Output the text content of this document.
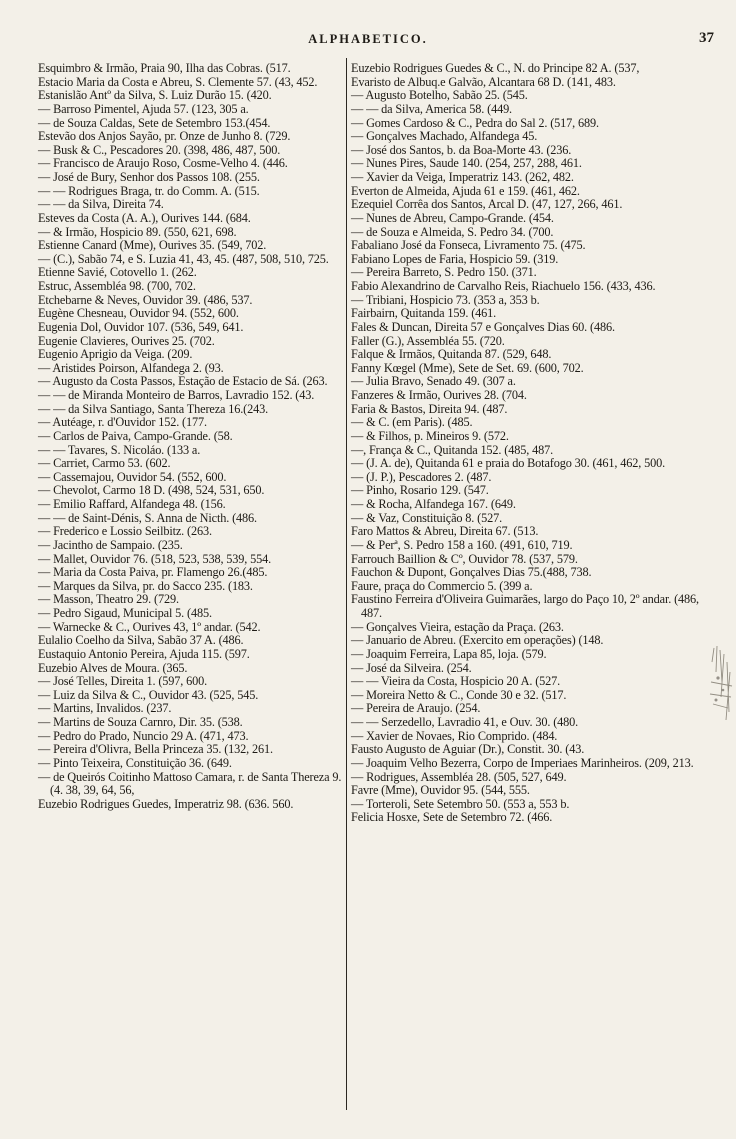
ALPHABETICO.	37

Esquimbro & Irmão, Praia 90, Ilha das Cobras. (517.

Estacio Maria da Costa e Abreu, S. Clemente 57. (43, 452.

Estanislão Antº da Silva, S. Luiz Durão 15. (420.

— Barroso Pimentel, Ajuda 57. (123, 305 a.

— de Souza Caldas, Sete de Setembro 153.(454.

Estevão dos Anjos Sayão, pr. Onze de Junho 8. (729.

— Busk & C., Pescadores 20. (398, 486, 487, 500.

— Francisco de Araujo Roso, Cosme-Velho 4. (446.

— José de Bury, Senhor dos Passos 108. (255.

— — Rodrigues Braga, tr. do Comm. A. (515.

— — da Silva, Direita 74.

Esteves da Costa (A. A.), Ourives 144. (684.

— & Irmão, Hospicio 89. (550, 621, 698.

Estienne Canard (Mme), Ourives 35. (549, 702.

— (C.), Sabão 74, e S. Luzia 41, 43, 45. (487, 508, 510, 725.

Etienne Savié, Cotovello 1. (262.

Estruc, Assembléa 98. (700, 702.

Etchebarne & Neves, Ouvidor 39. (486, 537.

Eugène Chesneau, Ouvidor 94. (552, 600.

Eugenia Dol, Ouvidor 107. (536, 549, 641.

Eugenie Clavieres, Ourives 25. (702.

Eugenio Aprigio da Veiga. (209.

— Aristides Poirson, Alfandega 2. (93.

— Augusto da Costa Passos, Estação de Estacio de Sá. (263.

— — de Miranda Monteiro de Barros, Lavradio 152. (43.

— — da Silva Santiago, Santa Thereza 16.(243.

— Autéage, r. d'Ouvidor 152. (177.

— Carlos de Paiva, Campo-Grande. (58.

— — Tavares, S. Nicoláo. (133 a.

— Carriet, Carmo 53. (602.

— Cassemajou, Ouvidor 54. (552, 600.

— Chevolot, Carmo 18 D. (498, 524, 531, 650.

— Emilio Raffard, Alfandega 48. (156.

— — de Saint-Dénis, S. Anna de Nicth. (486.

— Frederico e Lossio Seilbitz. (263.

— Jacintho de Sampaio. (235.

— Mallet, Ouvidor 76. (518, 523, 538, 539, 554.

— Maria da Costa Paiva, pr. Flamengo 26.(485.

— Marques da Silva, pr. do Sacco 235. (183.

— Masson, Theatro 29. (729.

— Pedro Sigaud, Municipal 5. (485.

— Warnecke & C., Ourives 43, 1º andar. (542.

Eulalio Coelho da Silva, Sabão 37 A. (486.

Eustaquio Antonio Pereira, Ajuda 115. (597.

Euzebio Alves de Moura. (365.

— José Telles, Direita 1. (597, 600.

— Luiz da Silva & C., Ouvidor 43. (525, 545.

— Martins, Invalidos. (237.

— Martins de Souza Carnro, Dir. 35. (538.

— Pedro do Prado, Nuncio 29 A. (471, 473.

— Pereira d'Olivra, Bella Princeza 35. (132, 261.

— Pinto Teixeira, Constituição 36. (649.

— de Queirós Coitinho Mattoso Camara, r. de Santa Thereza 9. (4. 38, 39, 64, 56,

Euzebio Rodrigues Guedes, Imperatriz 98. (636. 560.

Euzebio Rodrigues Guedes & C., N. do Principe 82 A. (537,

Evaristo de Albuq.e Galvão, Alcantara 68 D. (141, 483.

— Augusto Botelho, Sabão 25. (545.

— — da Silva, America 58. (449.

— Gomes Cardoso & C., Pedra do Sal 2. (517, 689.

— Gonçalves Machado, Alfandega 45.

— José dos Santos, b. da Boa-Morte 43. (236.

— Nunes Pires, Saude 140. (254, 257, 288, 461.

— Xavier da Veiga, Imperatriz 143. (262, 482.

Everton de Almeida, Ajuda 61 e 159. (461, 462.

Ezequiel Corrêa dos Santos, Arcal D. (47, 127, 266, 461.

— Nunes de Abreu, Campo-Grande. (454.

— de Souza e Almeida, S. Pedro 34. (700.

Fabaliano José da Fonseca, Livramento 75. (475.

Fabiano Lopes de Faria, Hospicio 59. (319.

— Pereira Barreto, S. Pedro 150. (371.

Fabio Alexandrino de Carvalho Reis, Riachuelo 156. (433, 436.

— Tribiani, Hospicio 73. (353 a, 353 b.

Fairbairn, Quitanda 159. (461.

Fales & Duncan, Direita 57 e Gonçalves Dias 60. (486.

Faller (G.), Assembléa 55. (720.

Falque & Irmãos, Quitanda 87. (529, 648.

Fanny Kœgel (Mme), Sete de Set. 69. (600, 702.

— Julia Bravo, Senado 49. (307 a.

Fanzeres & Irmão, Ourives 28. (704.

Faria & Bastos, Direita 94. (487.

— & C. (em Paris). (485.

— & Filhos, p. Mineiros 9. (572.

—, França & C., Quitanda 152. (485, 487.

— (J. A. de), Quitanda 61 e praia do Botafogo 30. (461, 462, 500.

— (J. P.), Pescadores 2. (487.

— Pinho, Rosario 129. (547.

— & Rocha, Alfandega 167. (649.

— & Vaz, Constituição 8. (527.

Faro Mattos & Abreu, Direita 67. (513.

— & Perª, S. Pedro 158 a 160. (491, 610, 719.

Farrouch Baillion & Cº, Ouvidor 78. (537, 579.

Fauchon & Dupont, Gonçalves Dias 75.(488, 738.

Faure, praça do Commercio 5. (399 a.

Faustino Ferreira d'Oliveira Guimarães, largo do Paço 10, 2º andar. (486, 487.

— Gonçalves Vieira, estação da Praça. (263.

— Januario de Abreu. (Exercito em operações) (148.

— Joaquim Ferreira, Lapa 85, loja. (579.

— José da Silveira. (254.

— — Vieira da Costa, Hospicio 20 A. (527.

— Moreira Netto & C., Conde 30 e 32. (517.

— Pereira de Araujo. (254.

— — Serzedello, Lavradio 41, e Ouv. 30. (480.

— Xavier de Novaes, Rio Comprido. (484.

Fausto Augusto de Aguiar (Dr.), Constit. 30. (43.

— Joaquim Velho Bezerra, Corpo de Imperiaes Marinheiros. (209, 213.

— Rodrigues, Assembléa 28. (505, 527, 649.

Favre (Mme), Ouvidor 95. (544, 555.

— Torteroli, Sete Setembro 50. (553 a, 553 b.

Felicia Hosxe, Sete de Setembro 72. (466.
